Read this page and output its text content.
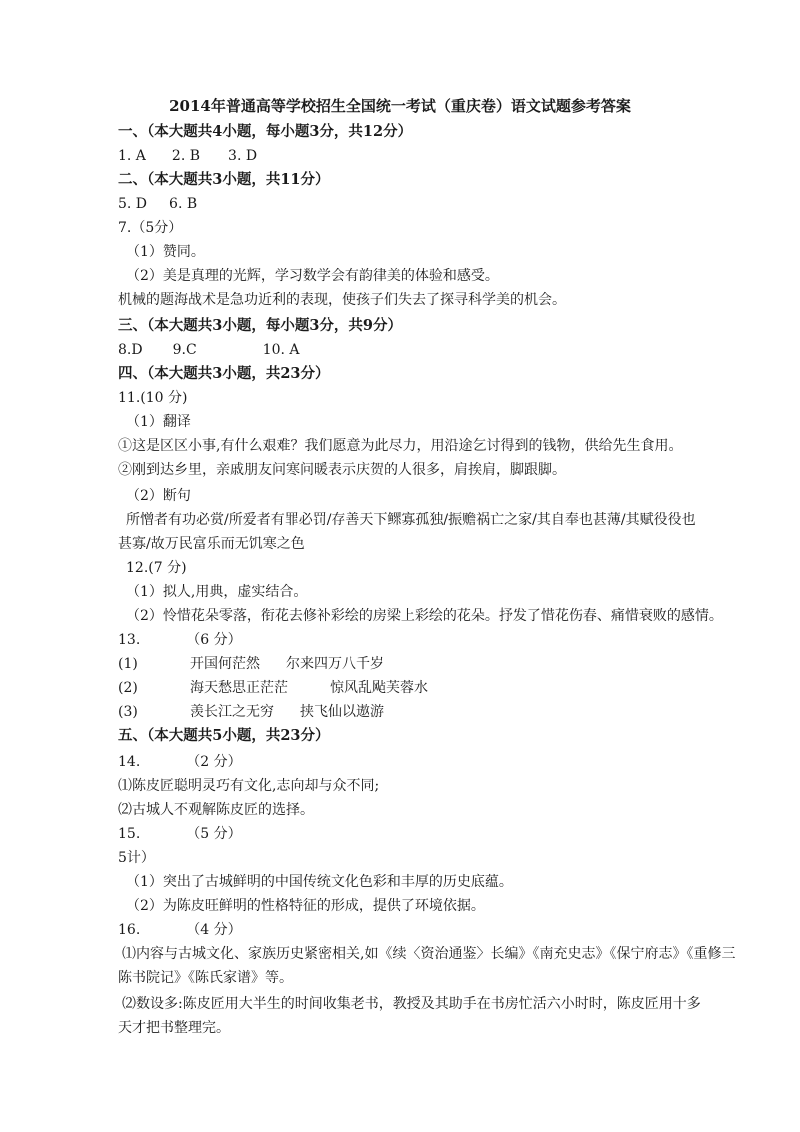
2014年普通高等学校招生全国统一考试（重庆卷）语文试题参考答案
一、（本大题共4小题，每小题3分，共12分）
1. A 2. B 3. D
二、（本大题共3小题，共11分）
5. D 6. B
7.（5分）
（1）赞同。
（2）美是真理的光辉，学习数学会有韵律美的体验和感受。
机械的题海战术是急功近利的表现，使孩子们失去了探寻科学美的机会。
三、（本大题共3小题，每小题3分，共9分）
8.D 9.C	10. A
四、（本大题共3小题，共23分）
11.(10 分)
（1）翻译
①这是区区小事,有什么艰难？我们愿意为此尽力，用沿途乞讨得到的钱物，供给先生食用。
②刚到达乡里，亲戚朋友问寒问暖表示庆贺的人很多，肩挨肩，脚跟脚。
（2）断句
所憎者有功必赏/所爱者有罪必罚/存善天下鳏寡孤独/振赡祸亡之家/其自奉也甚薄/其赋役役也
甚寡/故万民富乐而无饥寒之色
12.(7 分)
（1）拟人,用典，虚实结合。
（2）怜惜花朵零落，衔花去修补彩绘的房梁上彩绘的花朵。抒发了惜花伤春、痛惜衰败的感情。
13.	（6 分）
(1)	开国何茫然 尔来四万八千岁
(2)	海天愁思正茫茫	惊风乱飐芙蓉水
(3)	羡长江之无穷 挟飞仙以遨游
五、（本大题共5小题，共23分）
14.	（2 分）
⑴陈皮匠聪明灵巧有文化,志向却与众不同;
⑵古城人不观解陈皮匠的选择。
15.	（5 分）
5计）
（1）突出了古城鲜明的中国传统文化色彩和丰厚的历史底蕴。
（2）为陈皮旺鲜明的性格特征的形成，提供了环境依据。
16.	（4 分）
⑴内容与古城文化、家族历史紧密相关,如《续〈资治通鉴〉长编》《南充史志》《保宁府志》《重修三
陈书院记》《陈氏家谱》等。
⑵数设多:陈皮匠用大半生的时间收集老书，教授及其助手在书房忙活六小时时，陈皮匠用十多
天才把书整理完。
